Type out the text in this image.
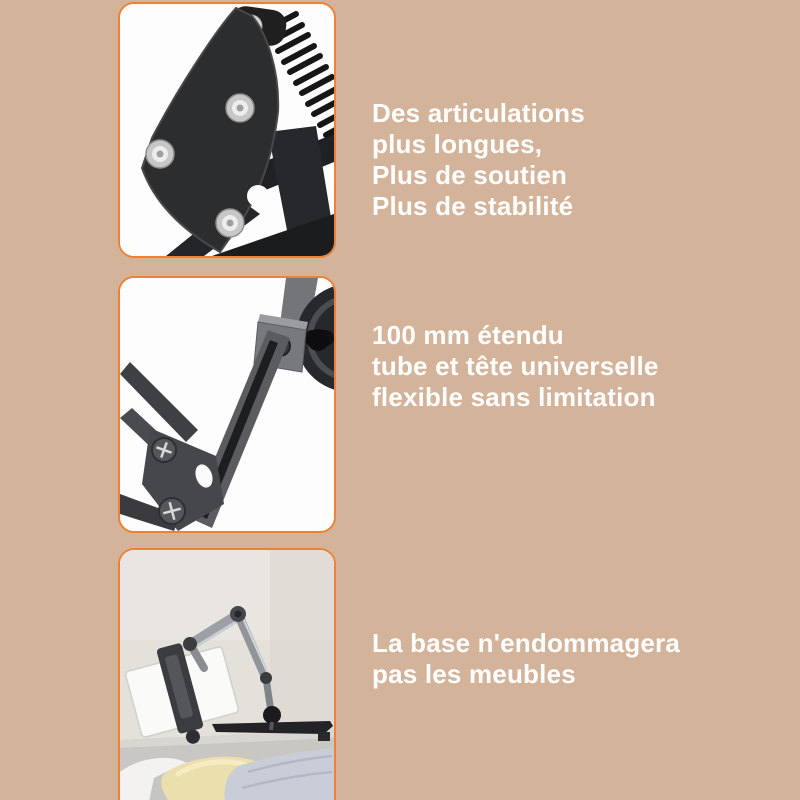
Des articulations
plus longues,
Plus de soutien
Plus de stabilité
100 mm étendu
tube et tête universelle
flexible sans limitation
La base n'endommagera
pas les meubles
